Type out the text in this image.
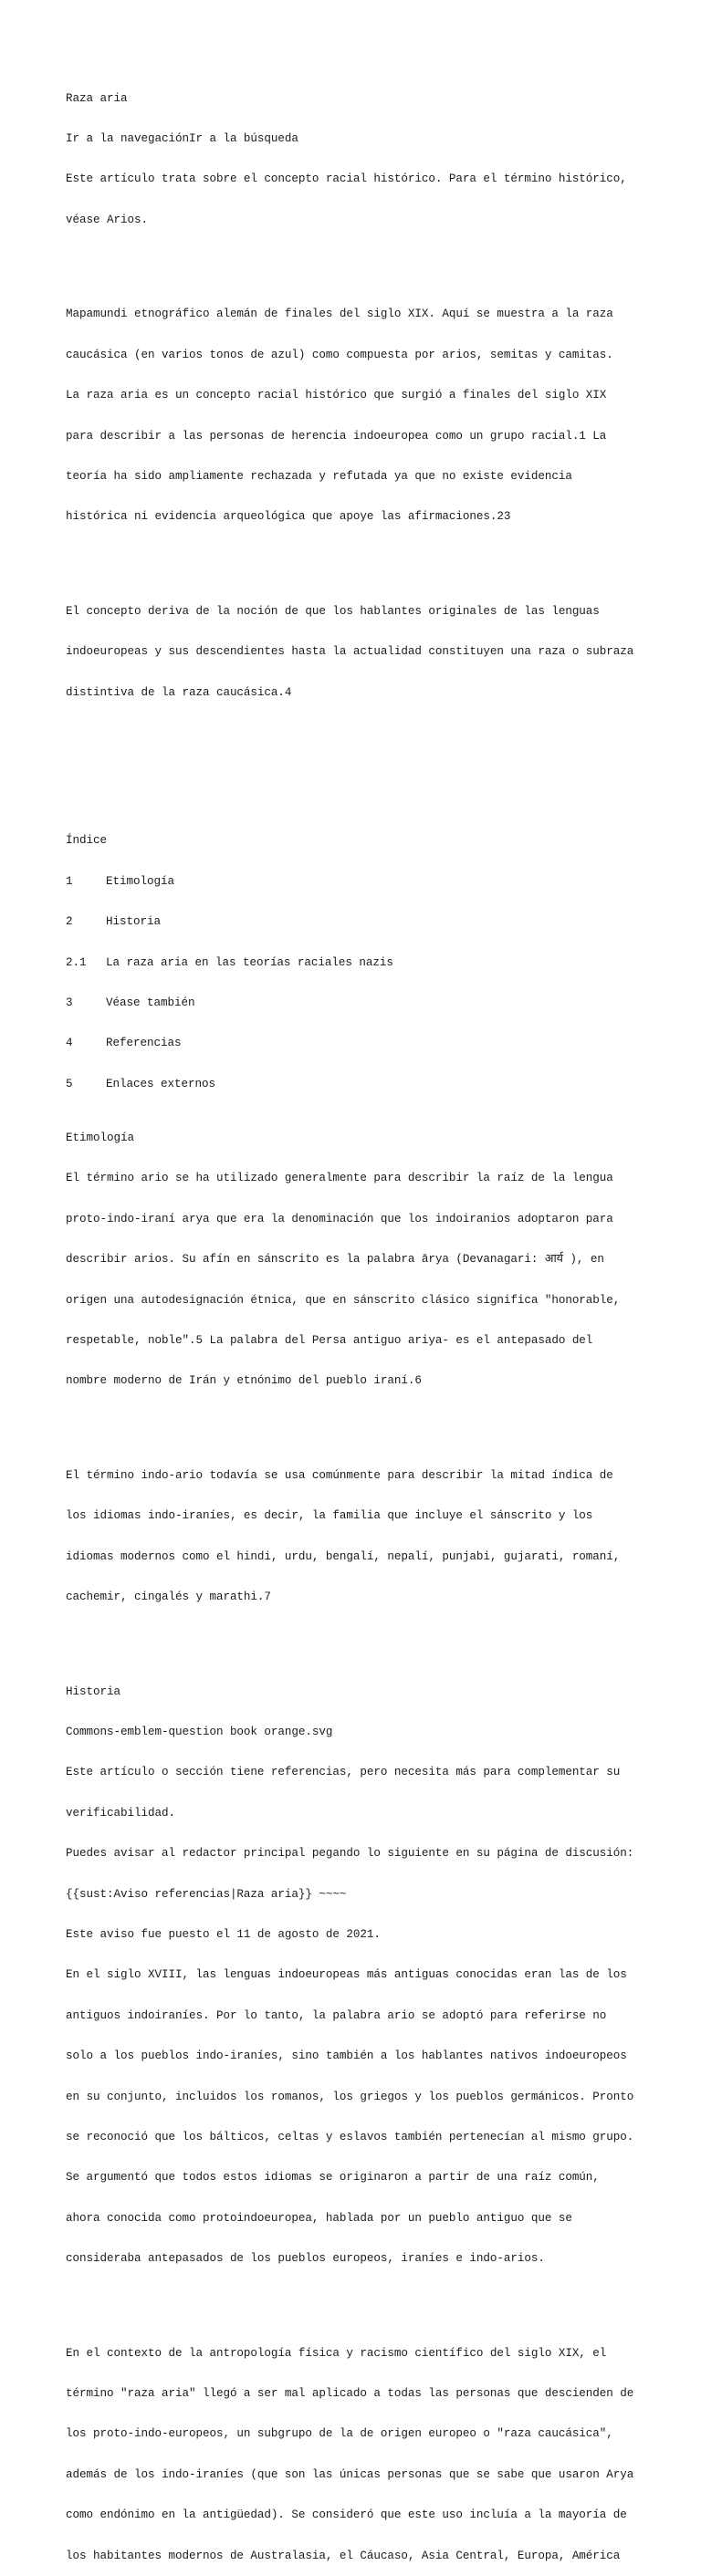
Raza aria

Ir a la navegaciónIr a la búsqueda

Este artículo trata sobre el concepto racial histórico. Para el término histórico,

véase Arios.

Mapamundi etnográfico alemán de finales del siglo XIX. Aquí se muestra a la raza

caucásica (en varios tonos de azul) como compuesta por arios, semitas y camitas.

La raza aria es un concepto racial histórico que surgió a finales del siglo XIX

para describir a las personas de herencia indoeuropea como un grupo racial.1 La

teoría ha sido ampliamente rechazada y refutada ya que no existe evidencia

histórica ni evidencia arqueológica que apoye las afirmaciones.23

El concepto deriva de la noción de que los hablantes originales de las lenguas

indoeuropeas y sus descendientes hasta la actualidad constituyen una raza o subraza

distintiva de la raza caucásica.4

Índice

1	Etimología

2	Historia

2.1 La raza aria en las teorías raciales nazis

3	Véase también

4	Referencias

5	Enlaces externos

Etimología

El término ario se ha utilizado generalmente para describir la raíz de la lengua

proto-indo-iraní arya que era la denominación que los indoiranios adoptaron para

describir arios. Su afín en sánscrito es la palabra ārya (Devanagari: आर्य ), en

origen una autodesignación étnica, que en sánscrito clásico significa "honorable,

respetable, noble".5 La palabra del Persa antiguo ariya- es el antepasado del

nombre moderno de Irán y etnónimo del pueblo iraní.6

El término indo-ario todavía se usa comúnmente para describir la mitad índica de

los idiomas indo-iraníes, es decir, la familia que incluye el sánscrito y los

idiomas modernos como el hindi, urdu, bengalí, nepalí, punjabi, gujarati, romaní,

cachemir, cingalés y marathi.7

Historia

Commons-emblem-question book orange.svg

Este artículo o sección tiene referencias, pero necesita más para complementar su

verificabilidad.

Puedes avisar al redactor principal pegando lo siguiente en su página de discusión:

{{sust:Aviso referencias|Raza aria}} ~~~~

Este aviso fue puesto el 11 de agosto de 2021.

En el siglo XVIII, las lenguas indoeuropeas más antiguas conocidas eran las de los

antiguos indoiraníes. Por lo tanto, la palabra ario se adoptó para referirse no

solo a los pueblos indo-iraníes, sino también a los hablantes nativos indoeuropeos

en su conjunto, incluidos los romanos, los griegos y los pueblos germánicos. Pronto

se reconoció que los bálticos, celtas y eslavos también pertenecían al mismo grupo.

Se argumentó que todos estos idiomas se originaron a partir de una raíz común,

ahora conocida como protoindoeuropea, hablada por un pueblo antiguo que se

consideraba antepasados de los pueblos europeos, iraníes e indo-arios.

En el contexto de la antropología física y racismo científico del siglo XIX, el

término "raza aria" llegó a ser mal aplicado a todas las personas que descienden de

los proto-indo-europeos, un subgrupo de la de origen europeo o "raza caucásica",

además de los indo-iraníes (que son las únicas personas que se sabe que usaron Arya

como endónimo en la antigüedad). Se consideró que este uso incluía a la mayoría de

los habitantes modernos de Australasia, el Cáucaso, Asia Central, Europa, América
